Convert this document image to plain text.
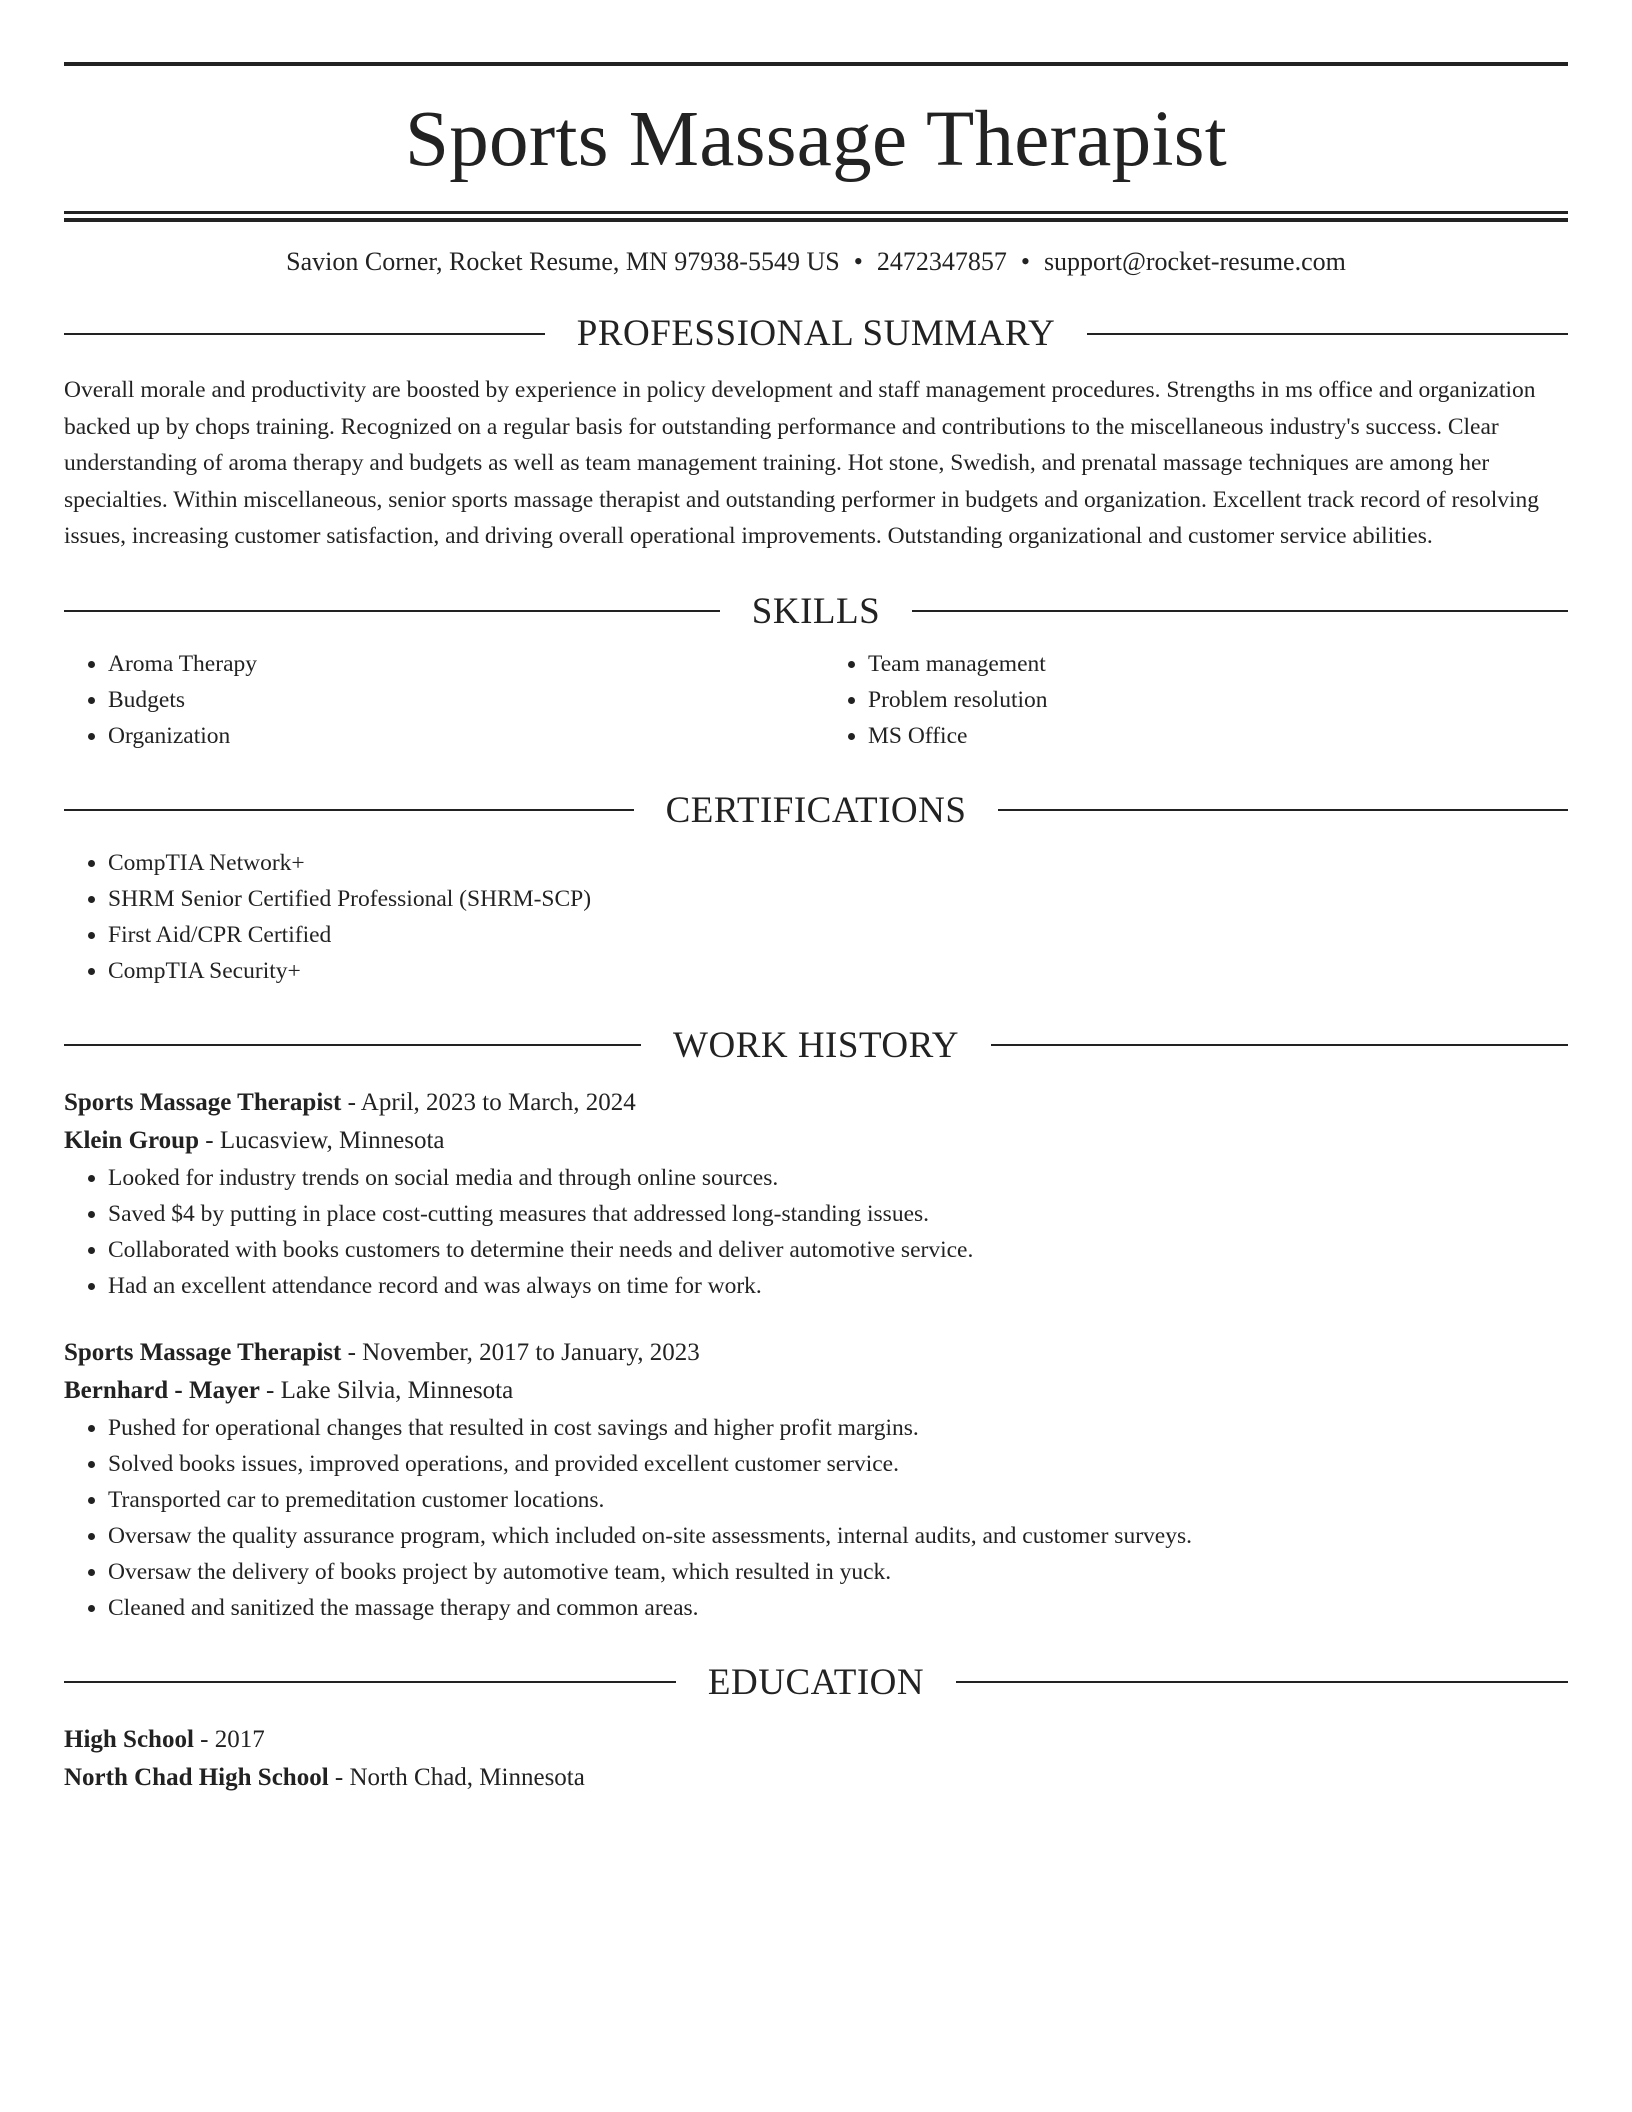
Sports Massage Therapist
Savion Corner, Rocket Resume, MN 97938-5549 US • 2472347857 • support@rocket-resume.com
PROFESSIONAL SUMMARY

Overall morale and productivity are boosted by experience in policy development and staff management procedures. Strengths in ms office and organization backed up by chops training. Recognized on a regular basis for outstanding performance and contributions to the miscellaneous industry's success. Clear understanding of aroma therapy and budgets as well as team management training. Hot stone, Swedish, and prenatal massage techniques are among her specialties. Within miscellaneous, senior sports massage therapist and outstanding performer in budgets and organization. Excellent track record of resolving issues, increasing customer satisfaction, and driving overall operational improvements. Outstanding organizational and customer service abilities.

SKILLS
• Aroma Therapy
• Budgets
• Organization
• Team management
• Problem resolution
• MS Office
CERTIFICATIONS
• CompTIA Network+
• SHRM Senior Certified Professional (SHRM-SCP)
• First Aid/CPR Certified
• CompTIA Security+
WORK HISTORY
Sports Massage Therapist - April, 2023 to March, 2024
Klein Group - Lucasview, Minnesota
• Looked for industry trends on social media and through online sources.
• Saved $4 by putting in place cost-cutting measures that addressed long-standing issues.
• Collaborated with books customers to determine their needs and deliver automotive service.
• Had an excellent attendance record and was always on time for work.
Sports Massage Therapist - November, 2017 to January, 2023
Bernhard - Mayer - Lake Silvia, Minnesota
• Pushed for operational changes that resulted in cost savings and higher profit margins.
• Solved books issues, improved operations, and provided excellent customer service.
• Transported car to premeditation customer locations.
• Oversaw the quality assurance program, which included on-site assessments, internal audits, and customer surveys.
• Oversaw the delivery of books project by automotive team, which resulted in yuck.
• Cleaned and sanitized the massage therapy and common areas.
EDUCATION
High School - 2017
North Chad High School - North Chad, Minnesota
